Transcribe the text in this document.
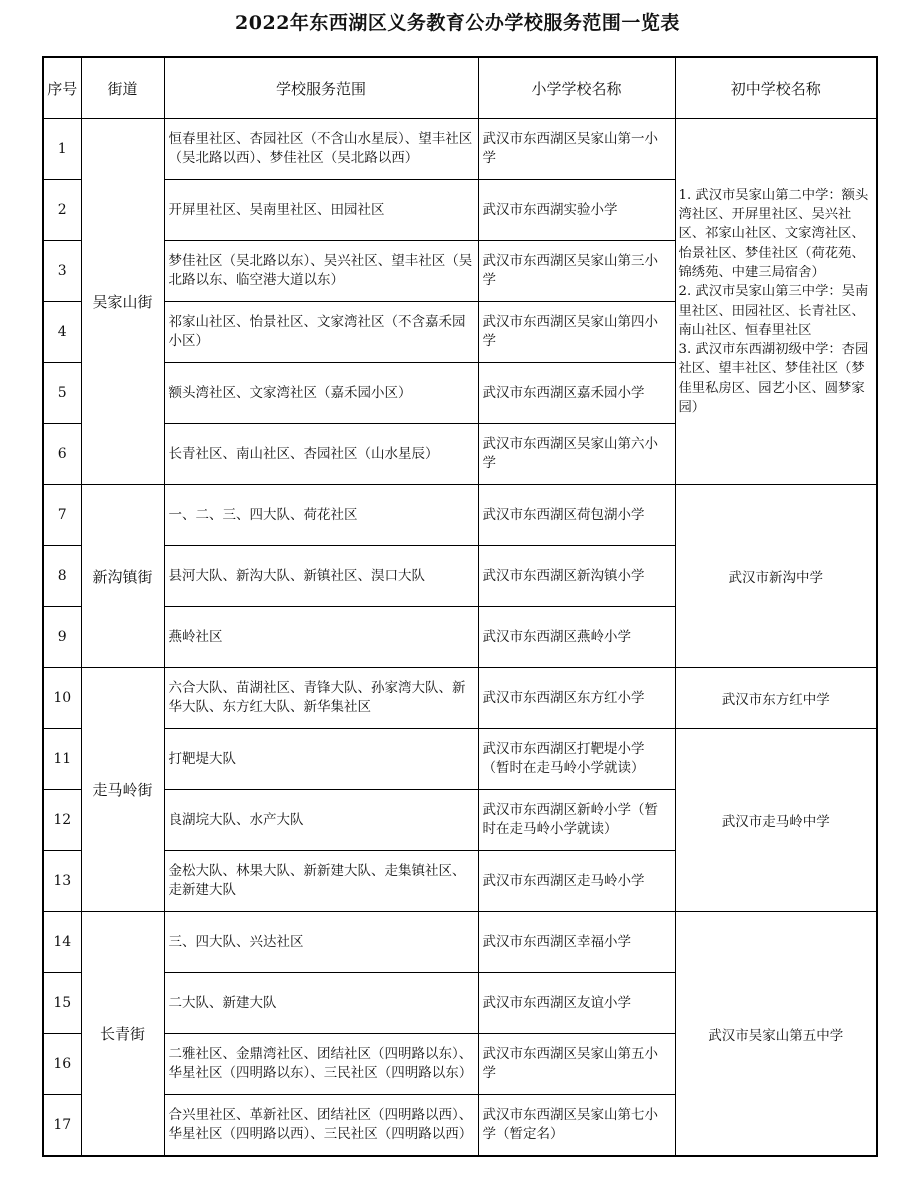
2022年东西湖区义务教育公办学校服务范围一览表
序号	街道	学校服务范围	小学学校名称	初中学校名称
1	吴家山街	恒春里社区、杏园社区（不含山水星辰）、望丰社区（吴北路以西）、梦佳社区（吴北路以西）	武汉市东西湖区吴家山第一小学	1. 武汉市吴家山第二中学：额头湾社区、开屏里社区、吴兴社区、祁家山社区、文家湾社区、怡景社区、梦佳社区（荷花苑、锦绣苑、中建三局宿舍）
2. 武汉市吴家山第三中学：吴南里社区、田园社区、长青社区、南山社区、恒春里社区
3. 武汉市东西湖初级中学：杏园社区、望丰社区、梦佳社区（梦佳里私房区、园艺小区、圆梦家园）

2		开屏里社区、吴南里社区、田园社区	武汉市东西湖实验小学	
3		梦佳社区（吴北路以东）、吴兴社区、望丰社区（吴北路以东、临空港大道以东）	武汉市东西湖区吴家山第三小学	
4		祁家山社区、怡景社区、文家湾社区（不含嘉禾园小区）	武汉市东西湖区吴家山第四小学	
5		额头湾社区、文家湾社区（嘉禾园小区）	武汉市东西湖区嘉禾园小学	
6		长青社区、南山社区、杏园社区（山水星辰）	武汉市东西湖区吴家山第六小学	
7	新沟镇街	一、二、三、四大队、荷花社区	武汉市东西湖区荷包湖小学	武汉市新沟中学
8		县河大队、新沟大队、新镇社区、淏口大队	武汉市东西湖区新沟镇小学	
9		燕岭社区	武汉市东西湖区燕岭小学	
10	走马岭街	六合大队、苗湖社区、青锋大队、孙家湾大队、新华大队、东方红大队、新华集社区	武汉市东西湖区东方红小学	武汉市东方红中学
11		打靶堤大队	武汉市东西湖区打靶堤小学（暂时在走马岭小学就读）	武汉市走马岭中学
12		良湖垸大队、水产大队	武汉市东西湖区新岭小学（暂时在走马岭小学就读）	
13		金松大队、林果大队、新新建大队、走集镇社区、走新建大队	武汉市东西湖区走马岭小学	
14	长青街	三、四大队、兴达社区	武汉市东西湖区幸福小学	武汉市吴家山第五中学
15		二大队、新建大队	武汉市东西湖区友谊小学	
16		二雅社区、金鼎湾社区、团结社区（四明路以东）、华星社区（四明路以东）、三民社区（四明路以东）	武汉市东西湖区吴家山第五小学	
17		合兴里社区、革新社区、团结社区（四明路以西）、华星社区（四明路以西）、三民社区（四明路以西）	武汉市东西湖区吴家山第七小学（暂定名）	
